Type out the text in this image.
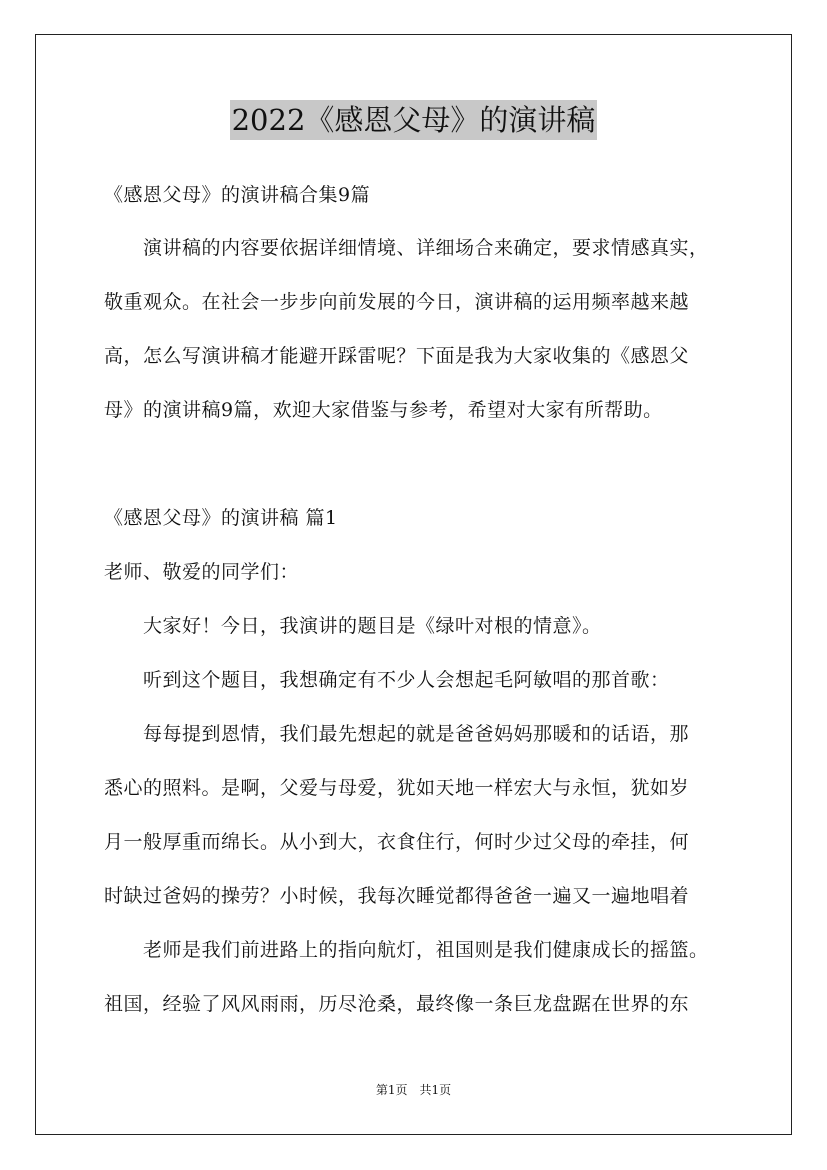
2022《感恩父母》的演讲稿
《感恩父母》的演讲稿合集9篇
演讲稿的内容要依据详细情境、详细场合来确定，要求情感真实，
敬重观众。在社会一步步向前发展的今日，演讲稿的运用频率越来越
高，怎么写演讲稿才能避开踩雷呢？下面是我为大家收集的《感恩父
母》的演讲稿9篇，欢迎大家借鉴与参考，希望对大家有所帮助。
《感恩父母》的演讲稿 篇1
老师、敬爱的同学们：
大家好！今日，我演讲的题目是《绿叶对根的情意》。
听到这个题目，我想确定有不少人会想起毛阿敏唱的那首歌：
每每提到恩情，我们最先想起的就是爸爸妈妈那暖和的话语，那
悉心的照料。是啊，父爱与母爱，犹如天地一样宏大与永恒，犹如岁
月一般厚重而绵长。从小到大，衣食住行，何时少过父母的牵挂，何
时缺过爸妈的操劳？小时候，我每次睡觉都得爸爸一遍又一遍地唱着
老师是我们前进路上的指向航灯，祖国则是我们健康成长的摇篮。
祖国，经验了风风雨雨，历尽沧桑，最终像一条巨龙盘踞在世界的东
第1页　共1页
